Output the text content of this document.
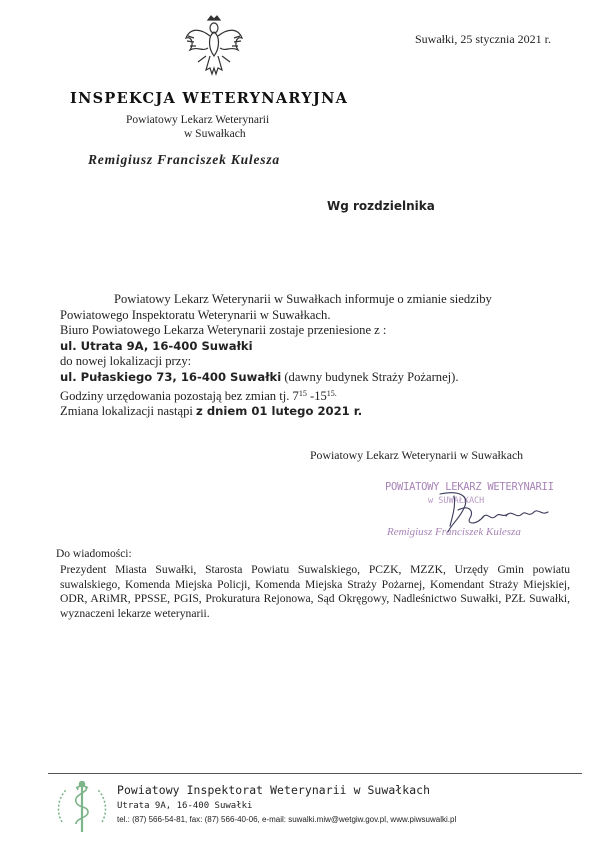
Suwałki, 25 stycznia 2021 r.
INSPEKCJA WETERYNARYJNA
Powiatowy Lekarz Weterynarii
w Suwałkach
Remigiusz Franciszek Kulesza
Wg rozdzielnika
Powiatowy Lekarz Weterynarii w Suwałkach informuje o zmianie siedziby
Powiatowego Inspektoratu Weterynarii w Suwałkach.
Biuro Powiatowego Lekarza Weterynarii zostaje przeniesione z :
ul. Utrata 9A, 16-400 Suwałki
do nowej lokalizacji przy:
ul. Pułaskiego 73, 16-400 Suwałki (dawny budynek Straży Pożarnej).
Godziny urzędowania pozostają bez zmian tj. $7^{15}$ $-15^{15.}$
Zmiana lokalizacji nastąpi z dniem 01 lutego 2021 r.
Powiatowy Lekarz Weterynarii w Suwałkach
POWIATOWY LEKARZ WETERYNARII
w SUWAŁKACH
Remigiusz Franciszek Kulesza
Do wiadomości:
Prezydent Miasta Suwałki, Starosta Powiatu Suwalskiego, PCZK, MZZK, Urzędy Gmin powiatu suwalskiego, Komenda Miejska Policji, Komenda Miejska Straży Pożarnej, Komendant Straży Miejskiej, ODR, ARiMR, PPSSE, PGIS, Prokuratura Rejonowa, Sąd Okręgowy, Nadleśnictwo Suwałki, PZŁ Suwałki, wyznaczeni lekarze weterynarii.
Powiatowy Inspektorat Weterynarii w Suwałkach
Utrata 9A, 16-400 Suwałki
tel.: (87) 566-54-81, fax: (87) 566-40-06, e-mail: suwalki.miw@wetgiw.gov.pl, www.piwsuwalki.pl
